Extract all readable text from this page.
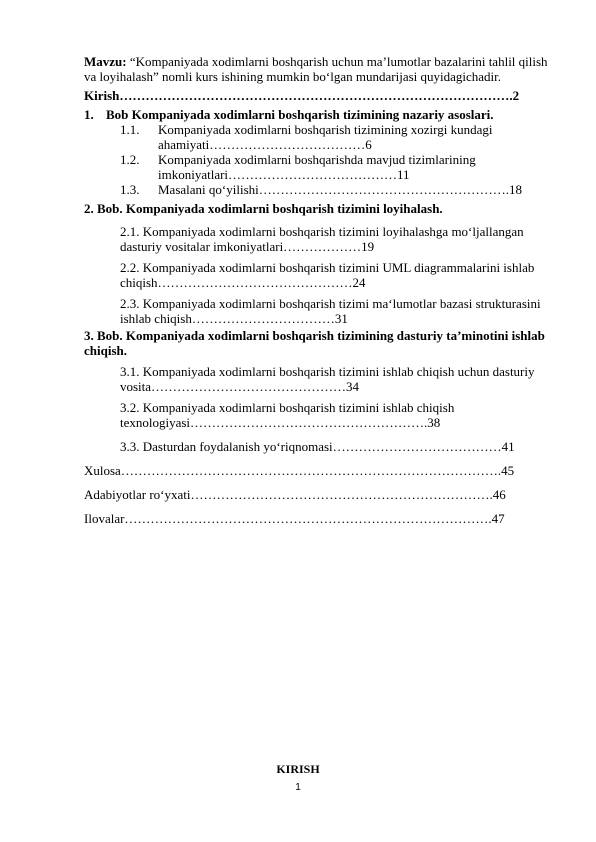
Mavzu: “Kompaniyada xodimlarni boshqarish uchun ma’lumotlar bazalarini tahlil qilish va loyihalash” nomli kurs ishining mumkin bo‘lgan mundarijasi quyidagichadir.

Kirish……………………………………………………………………………….2
1. Bob Kompaniyada xodimlarni boshqarish tizimining nazariy asoslari.
1.1.	Kompaniyada xodimlarni boshqarish tizimining xozirgi kundagi ahamiyati………………………………6
1.2.	Kompaniyada xodimlarni boshqarishda mavjud tizimlarining imkoniyatlari…………………………………11
1.3.	Masalani qo‘yilishi………………………………………………….18
2. Bob. Kompaniyada xodimlarni boshqarish tizimini loyihalash.
2.1. Kompaniyada xodimlarni boshqarish tizimini loyihalashga mo‘ljallangan dasturiy vositalar imkoniyatlari………………19
2.2. Kompaniyada xodimlarni boshqarish tizimini UML diagrammalarini ishlab chiqish………………………………………24
2.3. Kompaniyada xodimlarni boshqarish tizimi ma‘lumotlar bazasi strukturasini ishlab chiqish……………………………31
3. Bob. Kompaniyada xodimlarni boshqarish tizimining dasturiy ta’minotini ishlab chiqish.
3.1. Kompaniyada xodimlarni boshqarish tizimini ishlab chiqish uchun dasturiy vosita………………………………………34
3.2. Kompaniyada xodimlarni boshqarish tizimini ishlab chiqish texnologiyasi……………………………………………….38
3.3. Dasturdan foydalanish yo‘riqnomasi…………………………………41
Xulosa…………………………………………………………………………….45
Adabiyotlar ro‘yxati…………………………………………………………….46
Ilovalar………………………………………………………………………….47
KIRISH
1
